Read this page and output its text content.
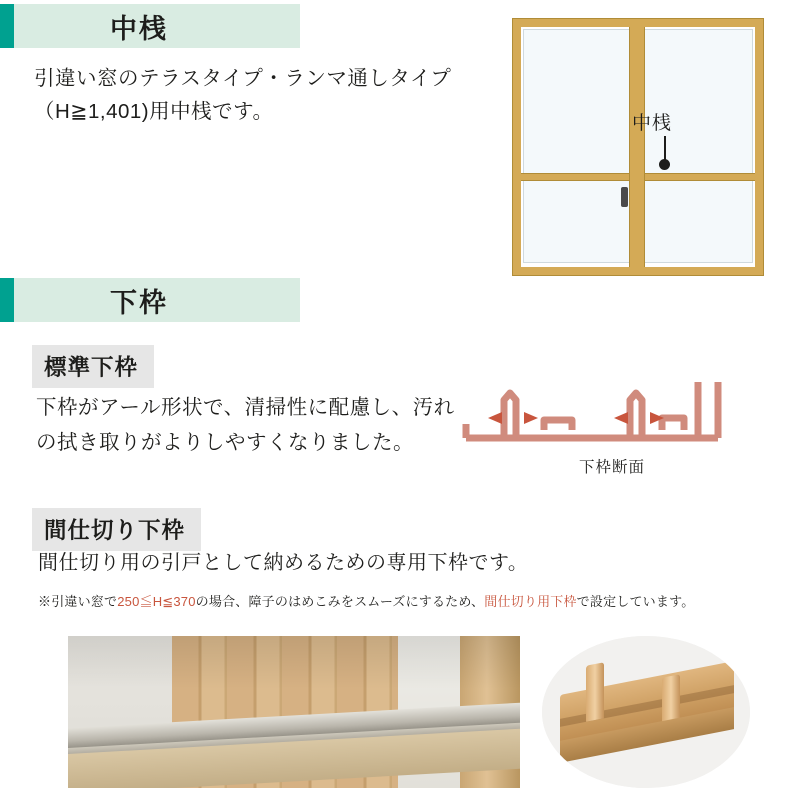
中桟
引違い窓のテラスタイプ・ランマ通しタイプ（H≧1,401)用中桟です。
中桟
下枠
標準下枠
下枠がアール形状で、清掃性に配慮し、汚れの拭き取りがよりしやすくなりました。
下枠断面
間仕切り下枠
間仕切り用の引戸として納めるための専用下枠です。
※引違い窓で250≦H≦370の場合、障子のはめこみをスムーズにするため、間仕切り用下枠で設定しています。
